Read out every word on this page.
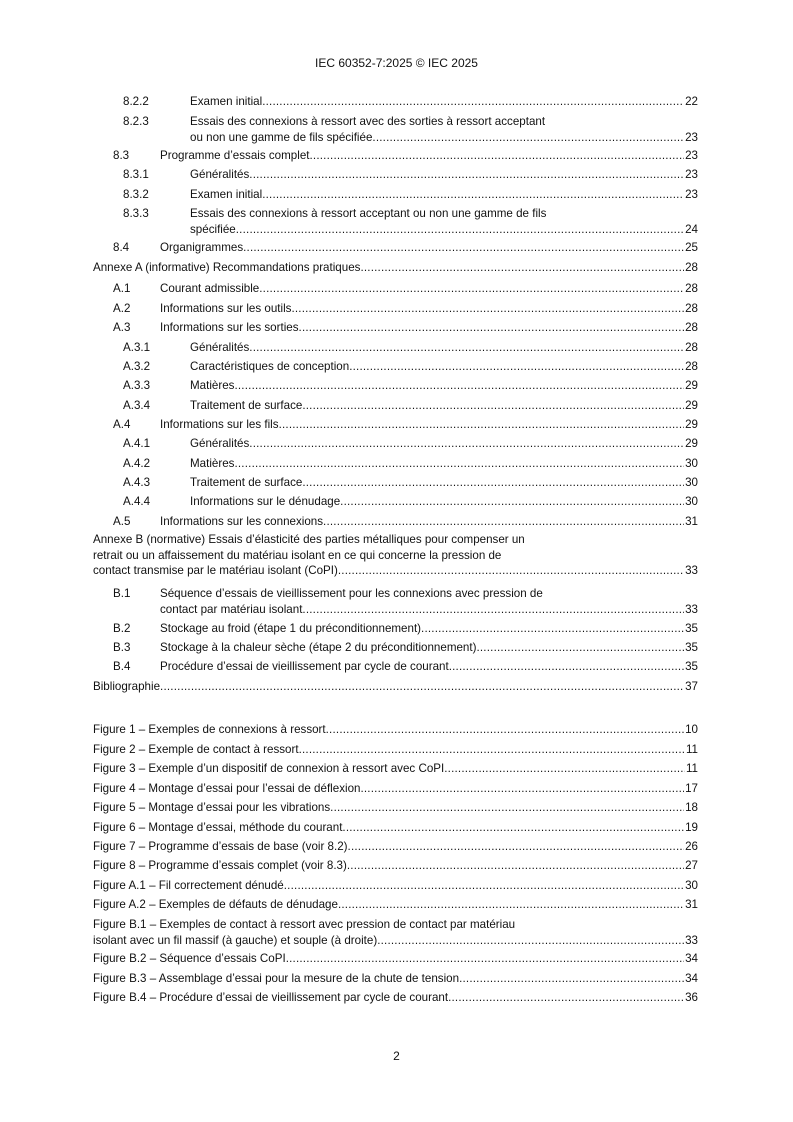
IEC 60352-7:2025 © IEC 2025
8.2.2	Examen initial .....	22
8.2.3	Essais des connexions à ressort avec des sorties à ressort acceptant
ou non une gamme de fils spécifiée .....	23
8.3	Programme d’essais complet .....	23
8.3.1	Généralités .....	23
8.3.2	Examen initial .....	23
8.3.3	Essais des connexions à ressort acceptant ou non une gamme de fils
spécifiée .....	24
8.4	Organigrammes .....	25
Annexe A (informative) Recommandations pratiques .....	28
A.1	Courant admissible .....	28
A.2	Informations sur les outils .....	28
A.3	Informations sur les sorties .....	28
A.3.1	Généralités .....	28
A.3.2	Caractéristiques de conception .....	28
A.3.3	Matières .....	29
A.3.4	Traitement de surface .....	29
A.4	Informations sur les fils .....	29
A.4.1	Généralités .....	29
A.4.2	Matières .....	30
A.4.3	Traitement de surface .....	30
A.4.4	Informations sur le dénudage .....	30
A.5	Informations sur les connexions .....	31
Annexe B (normative) Essais d’élasticité des parties métalliques pour compenser un
retrait ou un affaissement du matériau isolant en ce qui concerne la pression de
contact transmise par le matériau isolant (CoPI) .....	33
B.1	Séquence d’essais de vieillissement pour les connexions avec pression de
contact par matériau isolant .....	33
B.2	Stockage au froid (étape 1 du préconditionnement) .....	35
B.3	Stockage à la chaleur sèche (étape 2 du préconditionnement) .....	35
B.4	Procédure d’essai de vieillissement par cycle de courant .....	35
Bibliographie .....	37
Figure 1 – Exemples de connexions à ressort .....	10
Figure 2 – Exemple de contact à ressort .....	11
Figure 3 – Exemple d’un dispositif de connexion à ressort avec CoPI .....	11
Figure 4 – Montage d’essai pour l’essai de déflexion .....	17
Figure 5 – Montage d’essai pour les vibrations .....	18
Figure 6 – Montage d’essai, méthode du courant .....	19
Figure 7 – Programme d’essais de base (voir 8.2) .....	26
Figure 8 – Programme d’essais complet (voir 8.3) .....	27
Figure A.1 – Fil correctement dénudé .....	30
Figure A.2 – Exemples de défauts de dénudage .....	31
Figure B.1 – Exemples de contact à ressort avec pression de contact par matériau
isolant avec un fil massif (à gauche) et souple (à droite) .....	33
Figure B.2 – Séquence d’essais CoPI .....	34
Figure B.3 – Assemblage d’essai pour la mesure de la chute de tension .....	34
Figure B.4 – Procédure d’essai de vieillissement par cycle de courant .....	36
2
